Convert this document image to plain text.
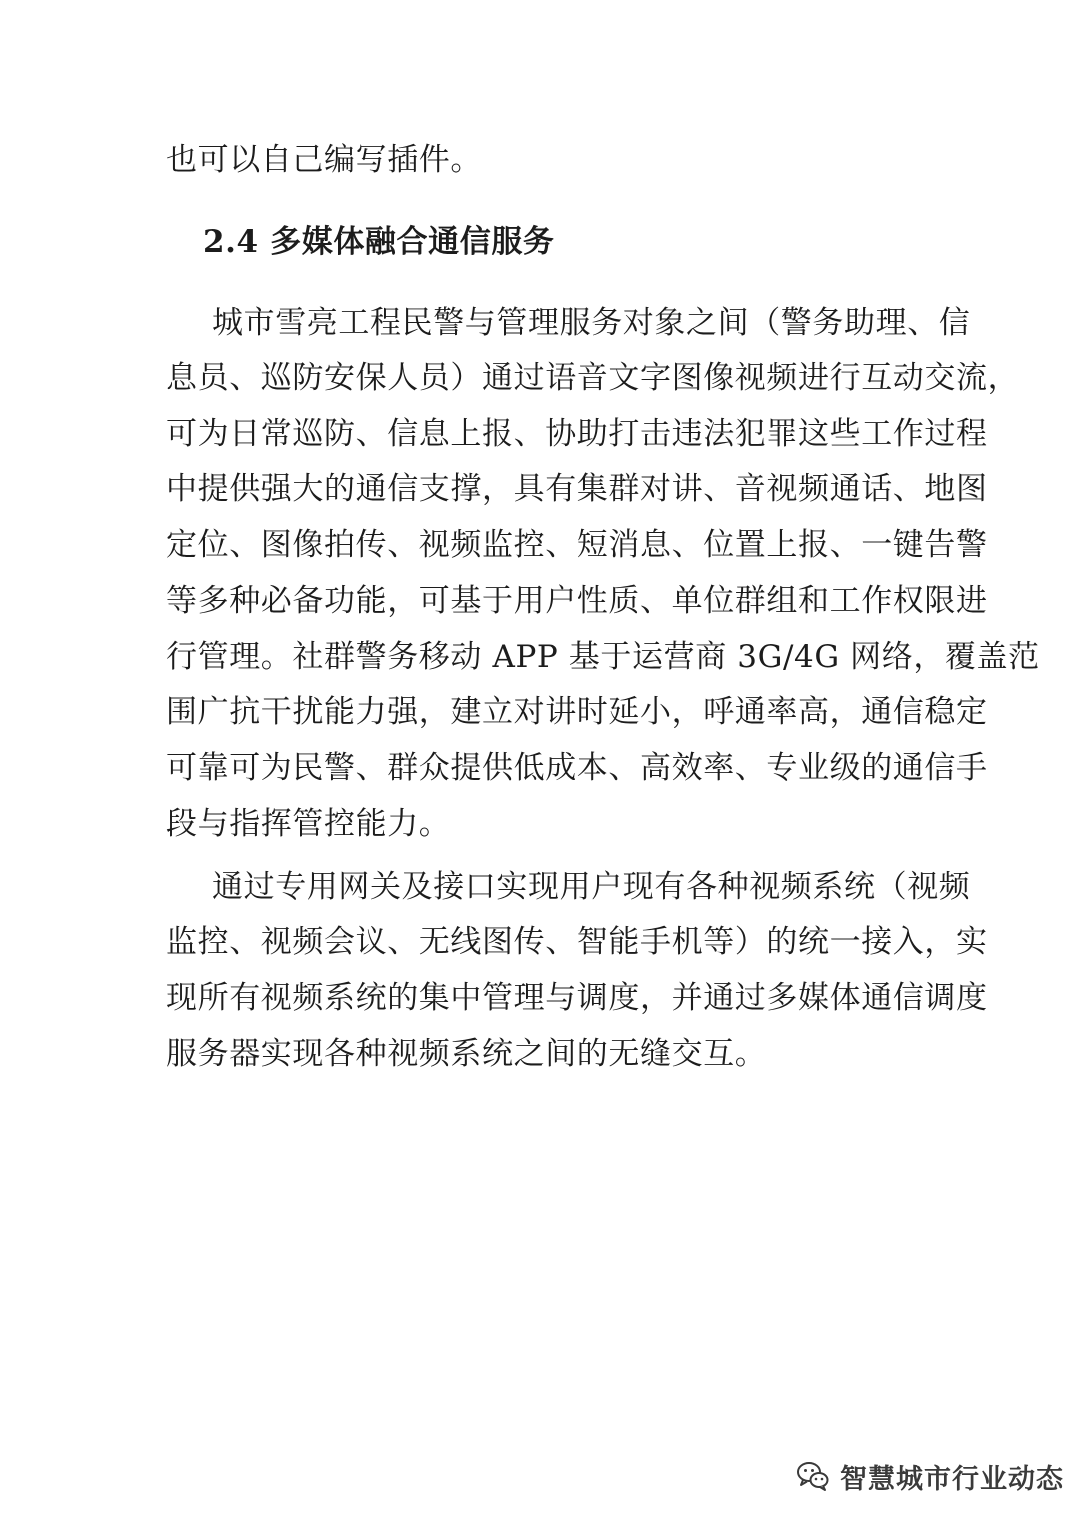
也可以自己编写插件。
2.4 多媒体融合通信服务
城市雪亮工程民警与管理服务对象之间（警务助理、信
息员、巡防安保人员）通过语音文字图像视频进行互动交流，
可为日常巡防、信息上报、协助打击违法犯罪这些工作过程
中提供强大的通信支撑，具有集群对讲、音视频通话、地图
定位、图像拍传、视频监控、短消息、位置上报、一键告警
等多种必备功能，可基于用户性质、单位群组和工作权限进
行管理。社群警务移动 APP 基于运营商 3G/4G 网络，覆盖范
围广抗干扰能力强，建立对讲时延小，呼通率高，通信稳定
可靠可为民警、群众提供低成本、高效率、专业级的通信手
段与指挥管控能力。
通过专用网关及接口实现用户现有各种视频系统（视频
监控、视频会议、无线图传、智能手机等）的统一接入，实
现所有视频系统的集中管理与调度，并通过多媒体通信调度
服务器实现各种视频系统之间的无缝交互。
智慧城市行业动态
